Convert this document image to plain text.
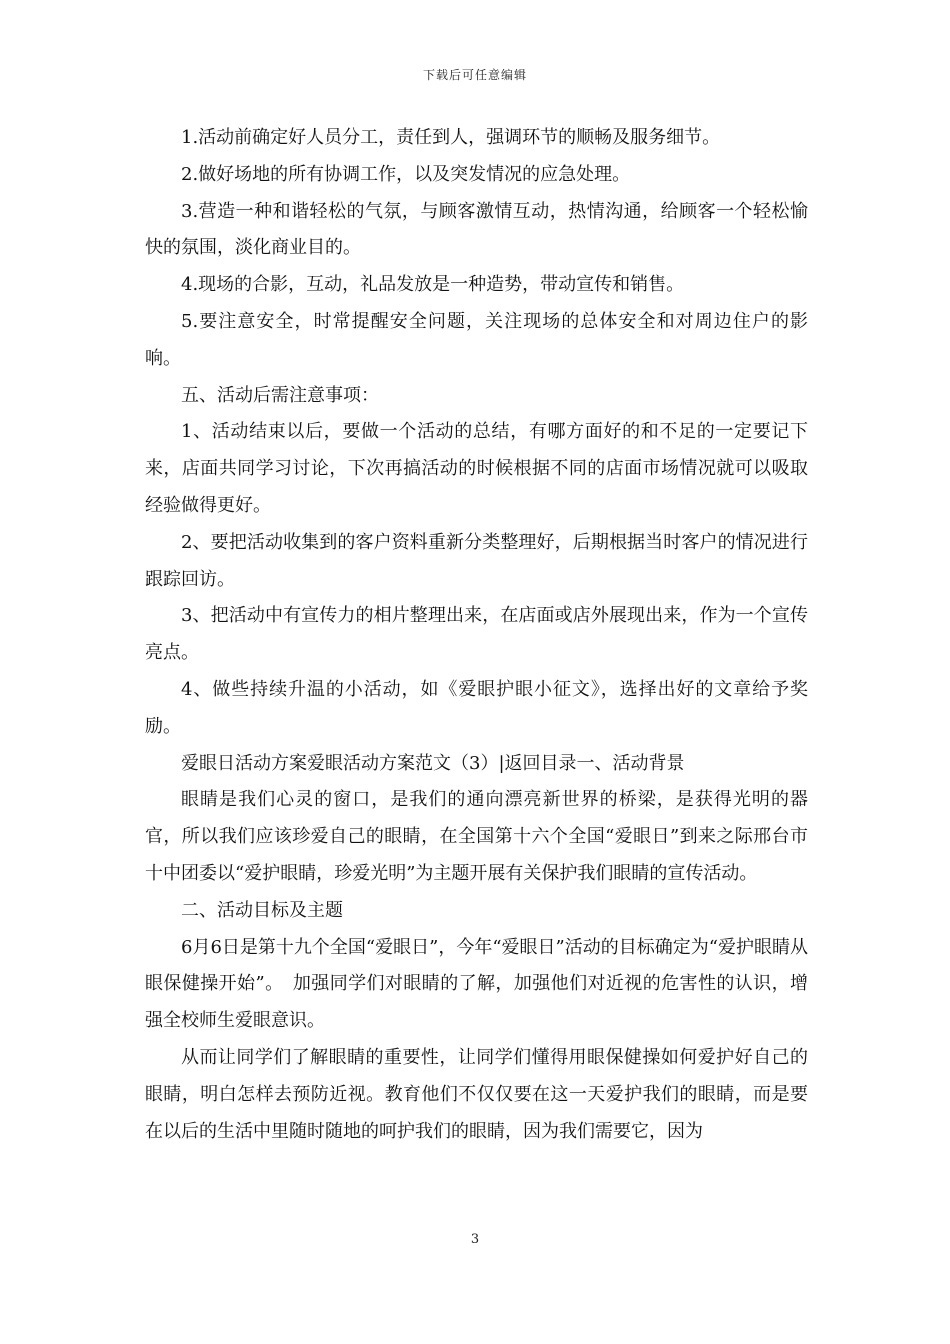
下载后可任意编辑

1.活动前确定好人员分工，责任到人，强调环节的顺畅及服务细节。

2.做好场地的所有协调工作，以及突发情况的应急处理。

3.营造一种和谐轻松的气氛，与顾客激情互动，热情沟通，给顾客一个轻松愉快的氛围，淡化商业目的。

4.现场的合影，互动，礼品发放是一种造势，带动宣传和销售。

5.要注意安全，时常提醒安全问题，关注现场的总体安全和对周边住户的影响。

五、活动后需注意事项：

1、活动结束以后，要做一个活动的总结，有哪方面好的和不足的一定要记下来，店面共同学习讨论，下次再搞活动的时候根据不同的店面市场情况就可以吸取经验做得更好。

2、要把活动收集到的客户资料重新分类整理好，后期根据当时客户的情况进行跟踪回访。

3、把活动中有宣传力的相片整理出来，在店面或店外展现出来，作为一个宣传亮点。

4、做些持续升温的小活动，如《爱眼护眼小征文》，选择出好的文章给予奖励。

爱眼日活动方案爱眼活动方案范文（3）|返回目录一、活动背景

眼睛是我们心灵的窗口，是我们的通向漂亮新世界的桥梁，是获得光明的器官，所以我们应该珍爱自己的眼睛，在全国第十六个全国“爱眼日”到来之际邢台市十中团委以“爱护眼睛，珍爱光明”为主题开展有关保护我们眼睛的宣传活动。

二、活动目标及主题

6月6日是第十九个全国“爱眼日”，今年“爱眼日”活动的目标确定为“爱护眼睛从眼保健操开始”。　加强同学们对眼睛的了解，加强他们对近视的危害性的认识，增强全校师生爱眼意识。

从而让同学们了解眼睛的重要性，让同学们懂得用眼保健操如何爱护好自己的眼睛，明白怎样去预防近视。教育他们不仅仅要在这一天爱护我们的眼睛，而是要在以后的生活中里随时随地的呵护我们的眼睛，因为我们需要它，因为

3
